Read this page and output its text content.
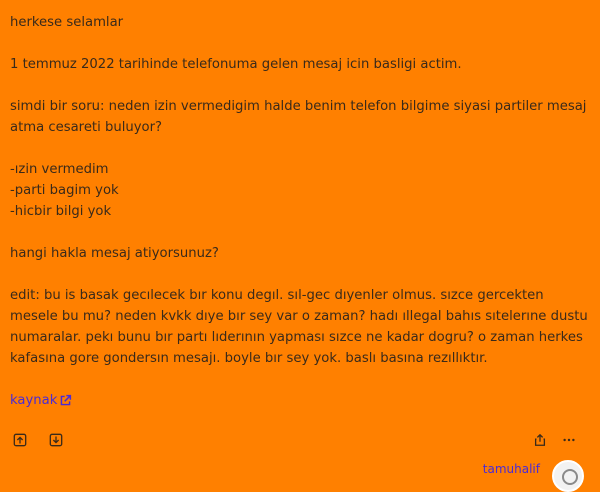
herkese selamlar

1 temmuz 2022 tarihinde telefonuma gelen mesaj icin basligi actim.

simdi bir soru: neden izin vermedigim halde benim telefon bilgime siyasi partiler mesaj atma cesareti buluyor?

-ızin vermedim

-parti bagim yok

-hicbir bilgi yok

hangi hakla mesaj atiyorsunuz?

edit: bu is basak gecılecek bır konu degıl. sıl-gec dıyenler olmus. sızce gercekten mesele bu mu? neden kvkk dıye bır sey var o zaman? hadı ıllegal bahıs sıtelerıne dustu numaralar. pekı bunu bır partı lıderının yapması sızce ne kadar dogru? o zaman herkes kafasına gore gondersın mesajı. boyle bır sey yok. baslı basına rezıllıktır.

kaynak
tamuhalif
